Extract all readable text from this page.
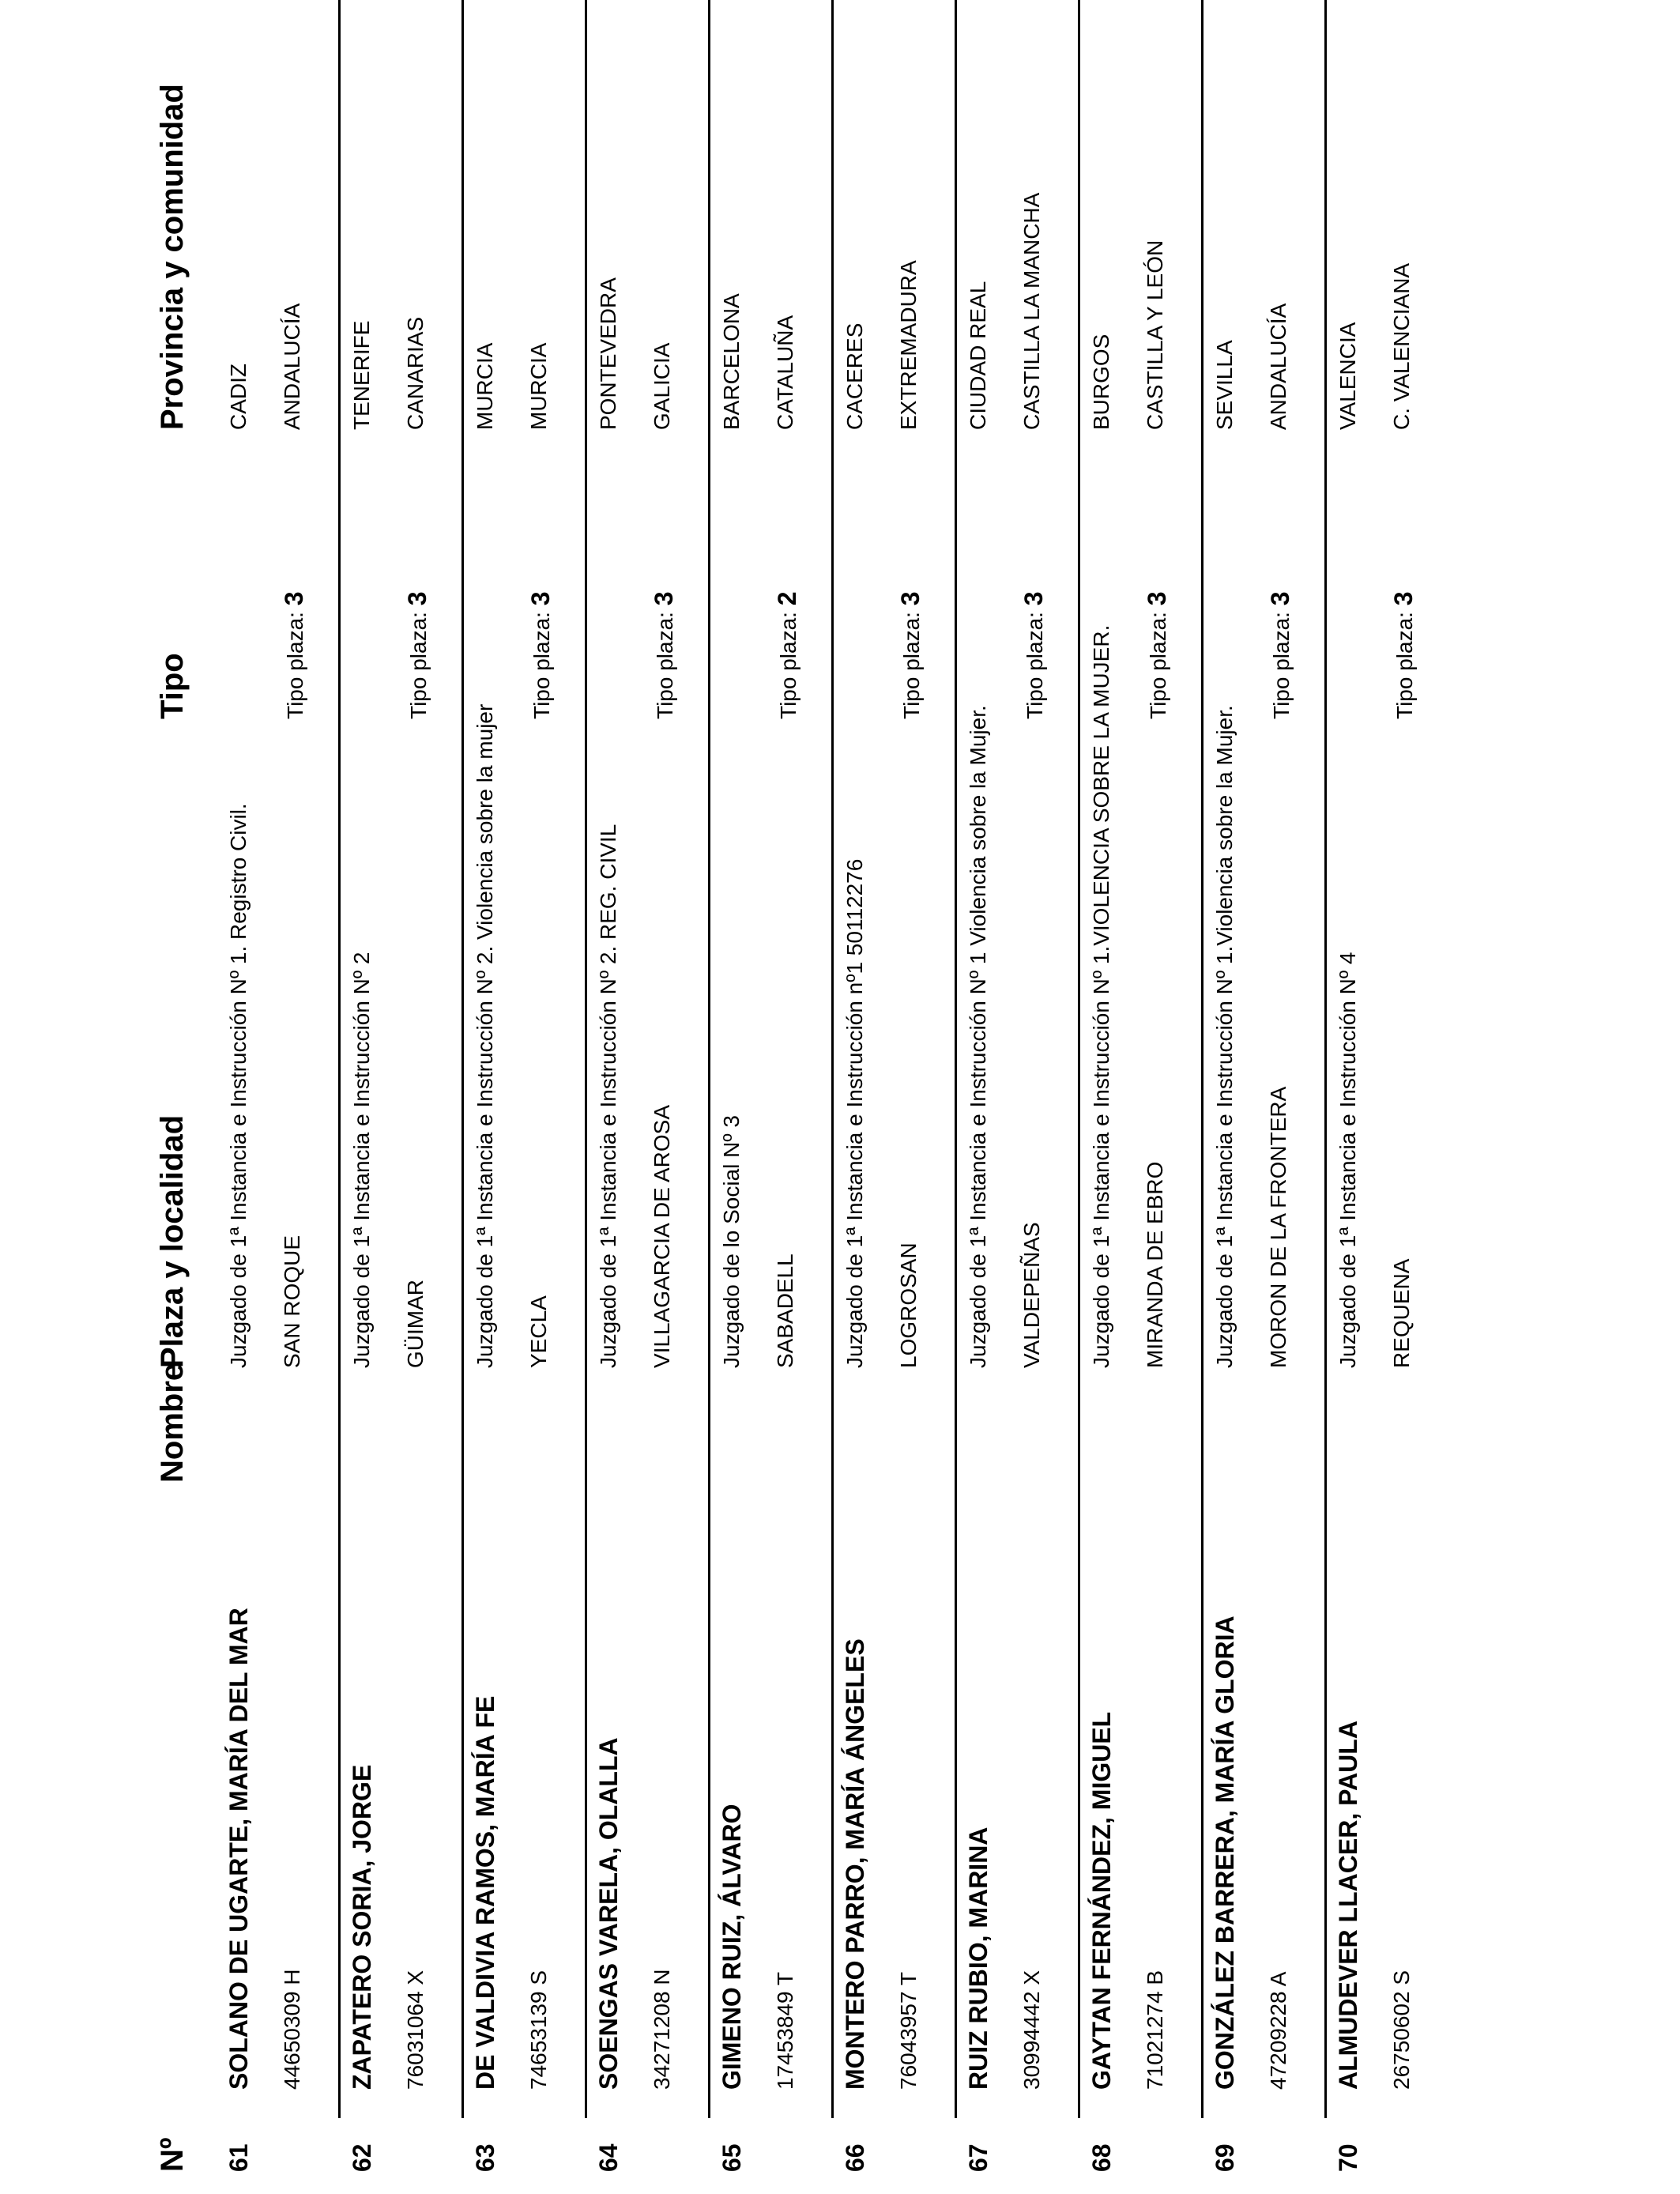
Nº
Nombre
Plaza y localidad
Tipo
Provincia y comunidad
61
SOLANO DE UGARTE, MARÍA DEL MAR 44650309 H
Juzgado de 1ª Instancia e Instrucción Nº 1. Registro Civil. SAN ROQUE
Tipo plaza: 3
CADIZ ANDALUCÍA
62
ZAPATERO SORIA, JORGE 76031064 X
Juzgado de 1ª Instancia e Instrucción Nº 2 GÜIMAR
Tipo plaza: 3
TENERIFE CANARIAS
63
DE VALDIVIA RAMOS, MARÍA FE 74653139 S
Juzgado de 1ª Instancia e Instrucción Nº 2. Violencia sobre la mujer YECLA
Tipo plaza: 3
MURCIA MURCIA
64
SOENGAS VARELA, OLALLA 34271208 N
Juzgado de 1ª Instancia e Instrucción Nº 2. REG. CIVIL VILLAGARCIA DE AROSA
Tipo plaza: 3
PONTEVEDRA GALICIA
65
GIMENO RUIZ, ÁLVARO 17453849 T
Juzgado de lo Social Nº 3 SABADELL
Tipo plaza: 2
BARCELONA CATALUÑA
66
MONTERO PARRO, MARÍA ÁNGELES 76043957 T
Juzgado de 1ª Instancia e Instrucción nº1 50112276 LOGROSAN
Tipo plaza: 3
CACERES EXTREMADURA
67
RUIZ RUBIO, MARINA 30994442 X
Juzgado de 1ª Instancia e Instrucción Nº 1 Violencia sobre la Mujer. VALDEPEÑAS
Tipo plaza: 3
CIUDAD REAL CASTILLA LA MANCHA
68
GAYTAN FERNÁNDEZ, MIGUEL 71021274 B
Juzgado de 1ª Instancia e Instrucción Nº 1.VIOLENCIA SOBRE LA MUJER. MIRANDA DE EBRO
Tipo plaza: 3
BURGOS CASTILLA Y LEÓN
69
GONZÁLEZ BARRERA, MARÍA GLORIA 47209228 A
Juzgado de 1ª Instancia e Instrucción Nº 1.Violencia sobre la Mujer. MORON DE LA FRONTERA
Tipo plaza: 3
SEVILLA ANDALUCÍA
70
ALMUDEVER LLACER, PAULA 26750602 S
Juzgado de 1ª Instancia e Instrucción Nº 4 REQUENA
Tipo plaza: 3
VALENCIA C. VALENCIANA
